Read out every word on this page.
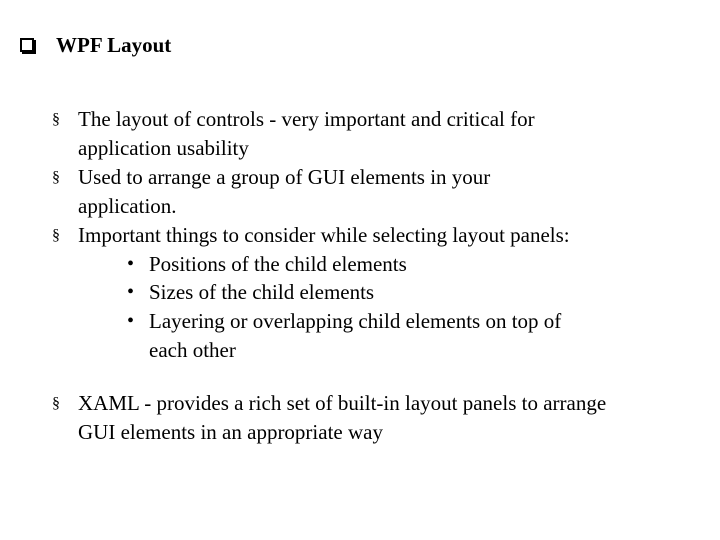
WPF Layout
§ The layout of controls - very important and critical for
application usability
§ Used to arrange a group of GUI elements in your
application.
§ Important things to consider while selecting layout panels:
• Positions of the child elements
• Sizes of the child elements
• Layering or overlapping child elements on top of
each other
§ XAML - provides a rich set of built-in layout panels to arrange
GUI elements in an appropriate way
